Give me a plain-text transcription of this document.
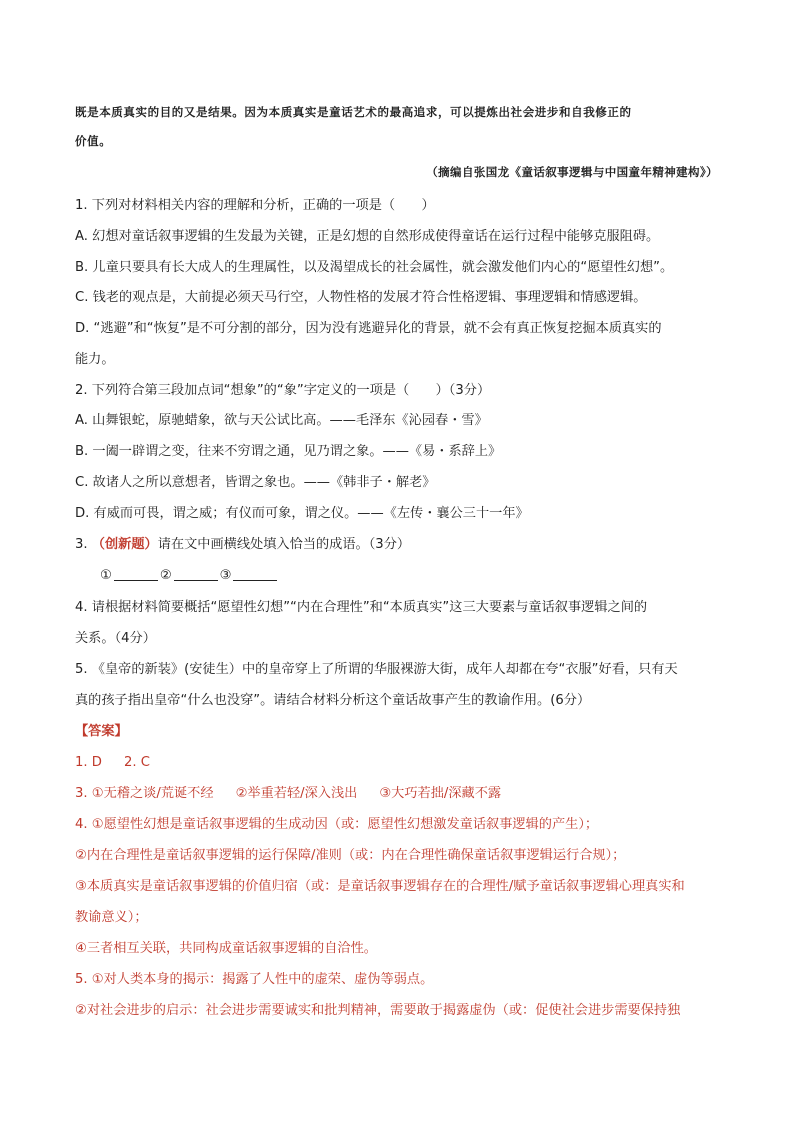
既是本质真实的目的又是结果。因为本质真实是童话艺术的最高追求，可以提炼出社会进步和自我修正的
价值。
（摘编自张国龙《童话叙事逻辑与中国童年精神建构》）
1. 下列对材料相关内容的理解和分析，正确的一项是（　　）
A. 幻想对童话叙事逻辑的生发最为关键，正是幻想的自然形成使得童话在运行过程中能够克服阻碍。
B. 儿童只要具有长大成人的生理属性，以及渴望成长的社会属性，就会激发他们内心的“愿望性幻想”。
C. 钱老的观点是，大前提必须天马行空，人物性格的发展才符合性格逻辑、事理逻辑和情感逻辑。
D. “逃避”和“恢复”是不可分割的部分，因为没有逃避异化的背景，就不会有真正恢复挖掘本质真实的
能力。
2. 下列符合第三段加点词“想象”的“象”字定义的一项是（　　）（3分）
A. 山舞银蛇，原驰蜡象，欲与天公试比高。——毛泽东《沁园春・雪》
B. 一阖一辟谓之变，往来不穷谓之通，见乃谓之象。——《易・系辞上》
C. 故诸人之所以意想者，皆谓之象也。——《韩非子・解老》
D. 有威而可畏，谓之威；有仪而可象，谓之仪。——《左传・襄公三十一年》
3. （创新题）请在文中画横线处填入恰当的成语。（3分）
①	②	③
4. 请根据材料简要概括“愿望性幻想”“内在合理性”和“本质真实”这三大要素与童话叙事逻辑之间的
关系。（4分）
5. 《皇帝的新装》(安徒生）中的皇帝穿上了所谓的华服裸游大街，成年人却都在夸“衣服”好看，只有天
真的孩子指出皇帝“什么也没穿”。请结合材料分析这个童话故事产生的教谕作用。(6分）
【答案】
1. D 2. C
3. ①无稽之谈/荒诞不经 ②举重若轻/深入浅出 ③大巧若拙/深藏不露
4. ①愿望性幻想是童话叙事逻辑的生成动因（或：愿望性幻想激发童话叙事逻辑的产生）；
②内在合理性是童话叙事逻辑的运行保障/准则（或：内在合理性确保童话叙事逻辑运行合规）；
③本质真实是童话叙事逻辑的价值归宿（或：是童话叙事逻辑存在的合理性/赋予童话叙事逻辑心理真实和
教谕意义）；
④三者相互关联，共同构成童话叙事逻辑的自洽性。
5. ①对人类本身的揭示：揭露了人性中的虚荣、虚伪等弱点。
②对社会进步的启示：社会进步需要诚实和批判精神，需要敢于揭露虚伪（或：促使社会进步需要保持独
